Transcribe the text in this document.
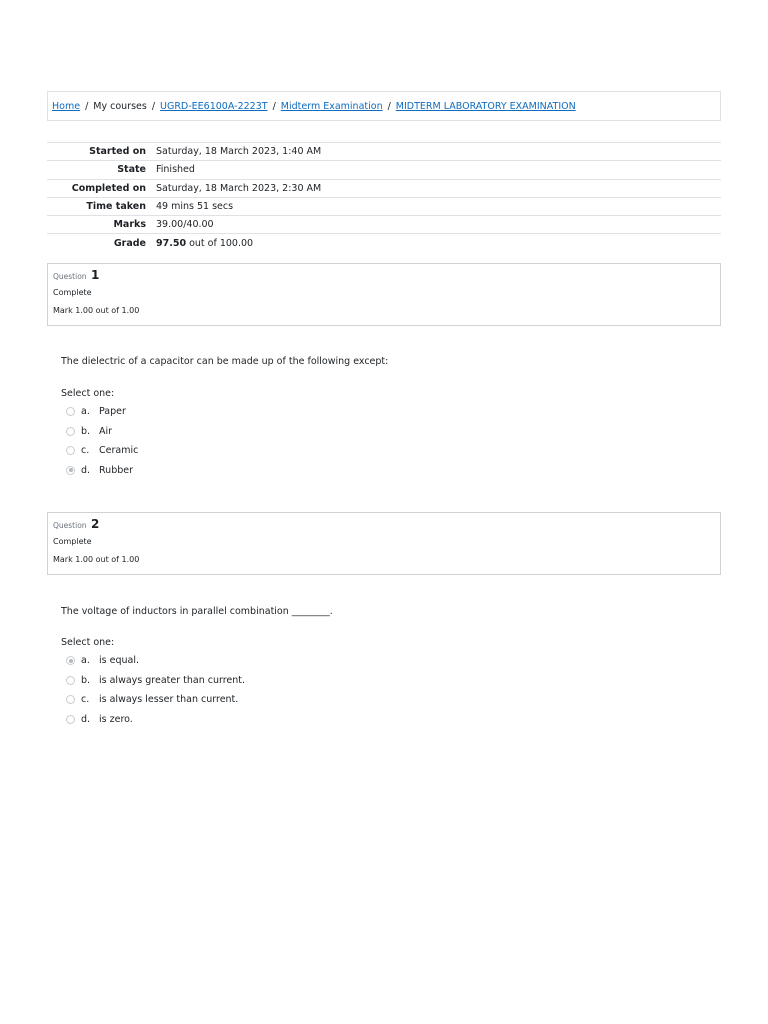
Home / My courses / UGRD-EE6100A-2223T / Midterm Examination / MIDTERM LABORATORY EXAMINATION
Started on	Saturday, 18 March 2023, 1:40 AM
State	Finished
Completed on	Saturday, 18 March 2023, 2:30 AM
Time taken	49 mins 51 secs
Marks	39.00/40.00
Grade	97.50 out of 100.00
Question 1
Complete
Mark 1.00 out of 1.00
The dielectric of a capacitor can be made up of the following except:
Select one:
a. Paper
b. Air
c.	Ceramic
d. Rubber
Question 2
Complete
Mark 1.00 out of 1.00
The voltage of inductors in parallel combination ________.
Select one:
a. is equal.
b. is always greater than current.
c.	is always lesser than current.
d. is zero.
